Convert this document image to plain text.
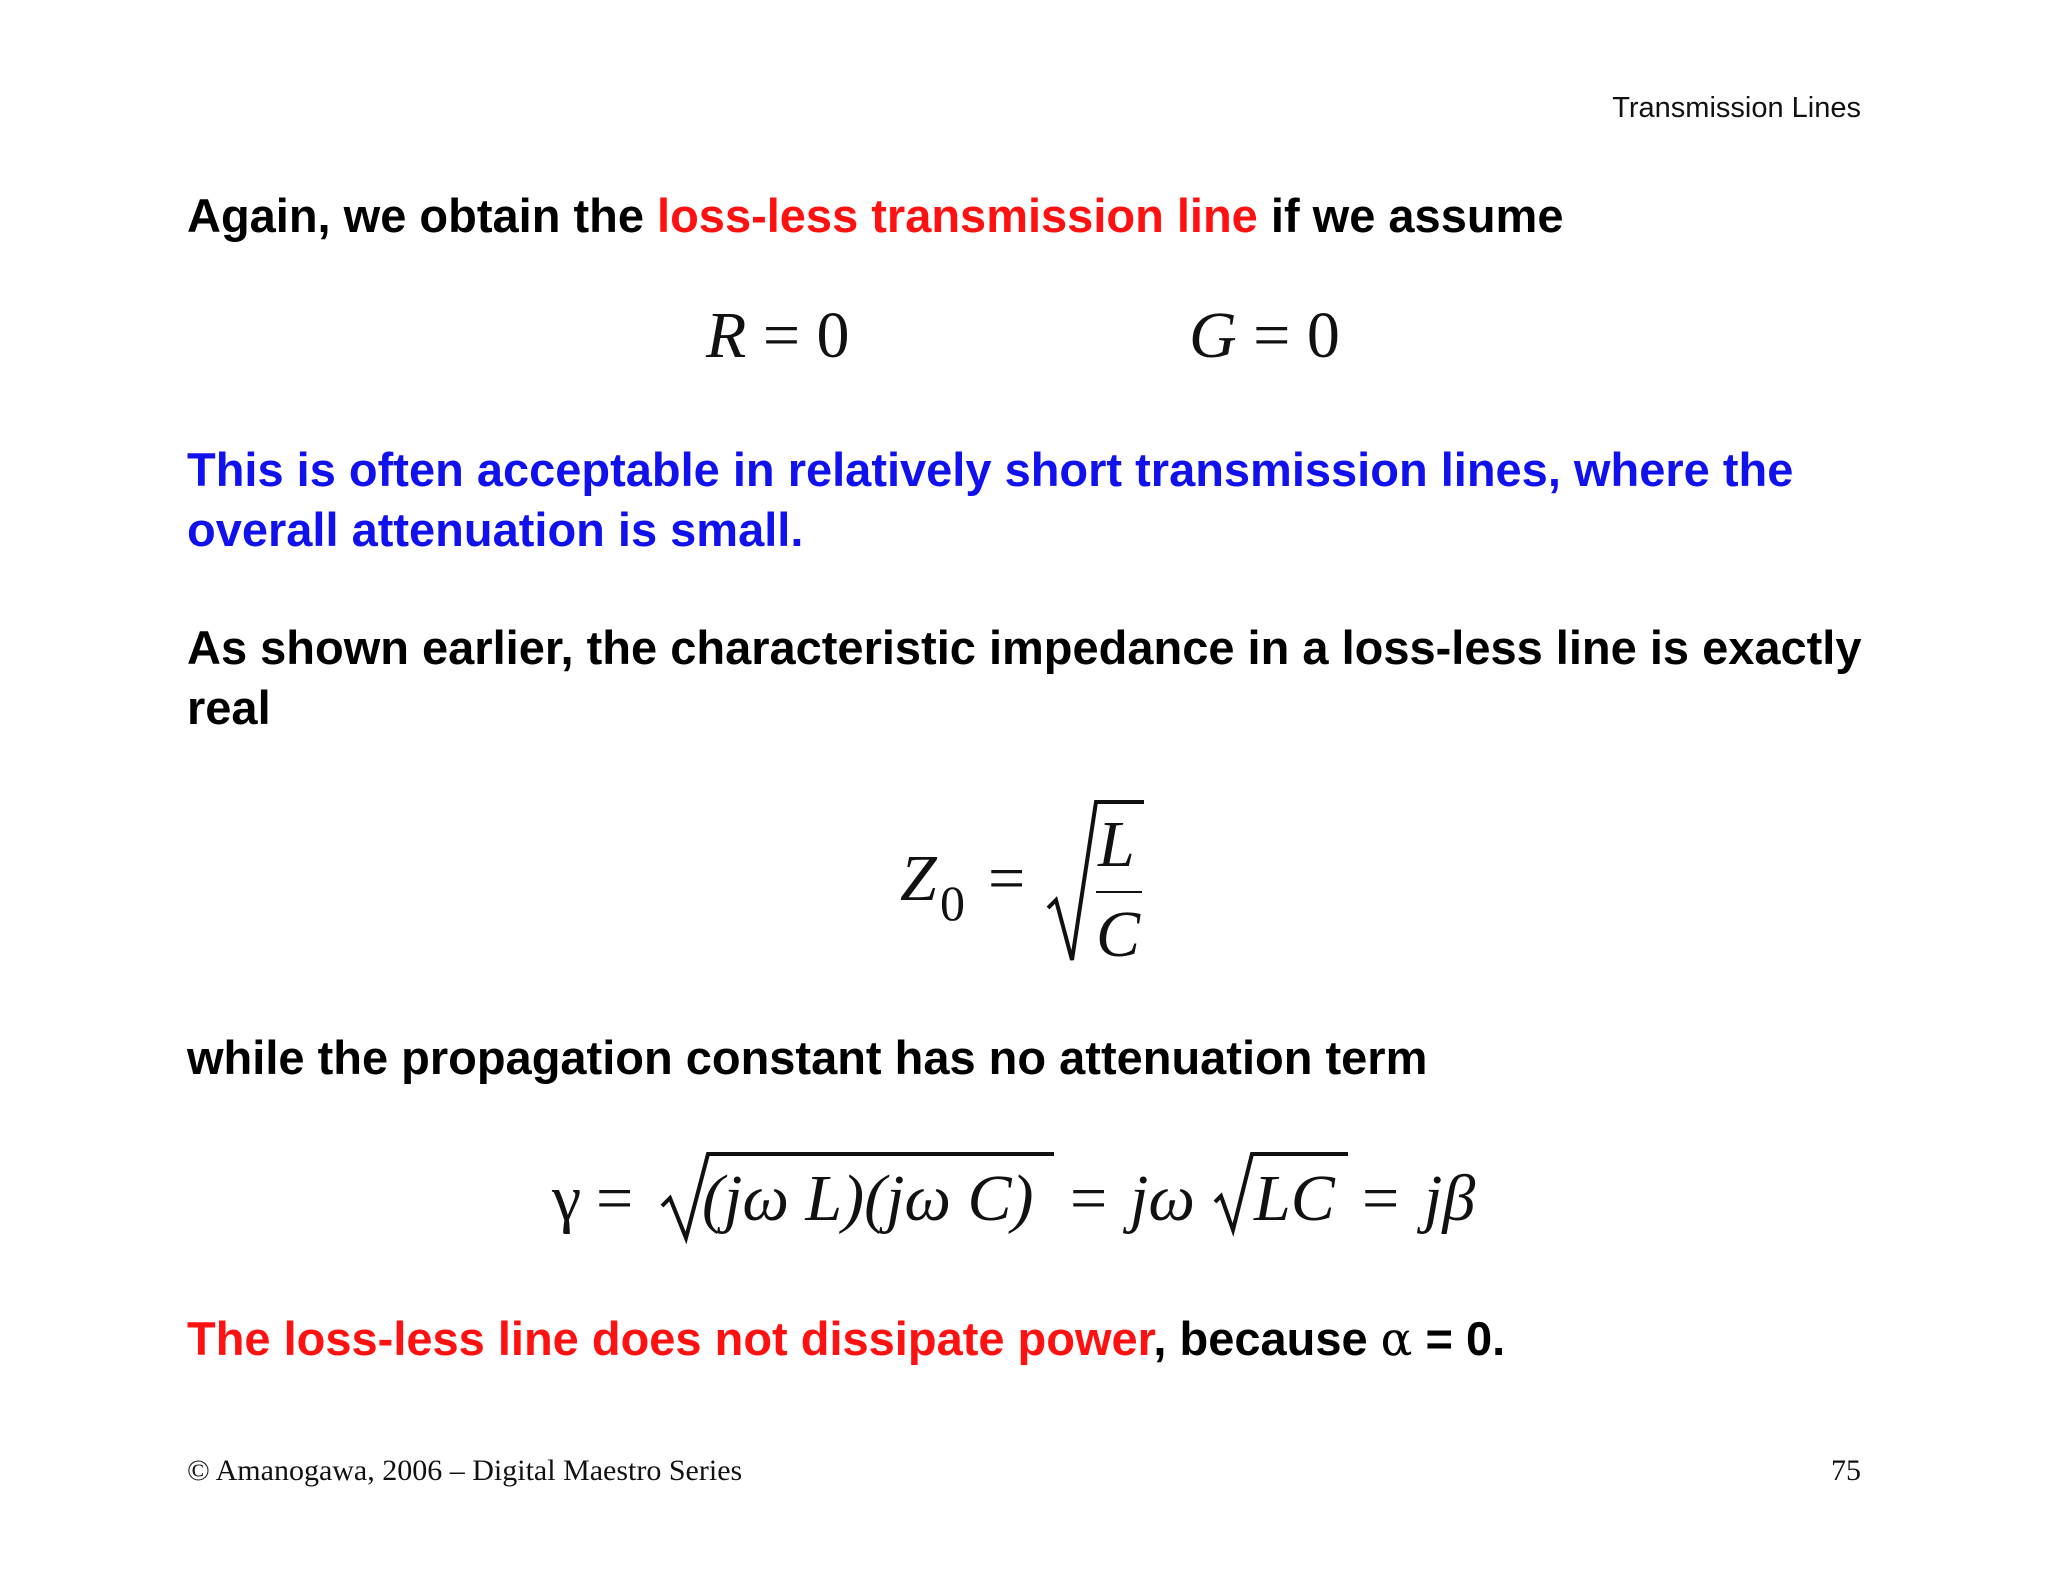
Transmission Lines
Again, we obtain the loss-less transmission line if we assume
R = 0	G = 0
This is often acceptable in relatively short transmission lines, where the overall attenuation is small.
As shown earlier, the characteristic impedance in a loss-less line is exactly real
Z 0 = L
C
while the propagation constant has no attenuation term
γ = (jω L)(jω C) = jω LC = jβ
The loss-less line does not dissipate power, because α = 0.
© Amanogawa, 2006 – Digital Maestro Series	75
